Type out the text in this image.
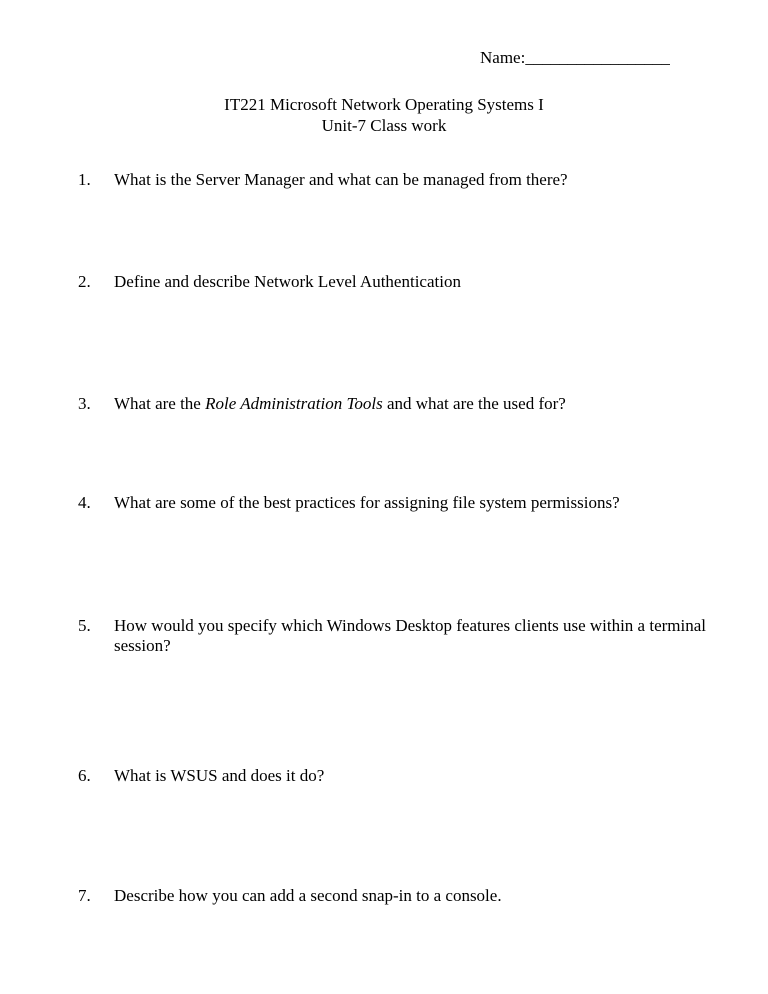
Name:_________________
IT221 Microsoft Network Operating Systems I
Unit-7 Class work
1.	What is the Server Manager and what can be managed from there?
2.	Define and describe Network Level Authentication
3.	What are the Role Administration Tools and what are the used for?
4.	What are some of the best practices for assigning file system permissions?
5.	How would you specify which Windows Desktop features clients use within a terminal session?
6.	What is WSUS and does it do?
7.	Describe how you can add a second snap-in to a console.
